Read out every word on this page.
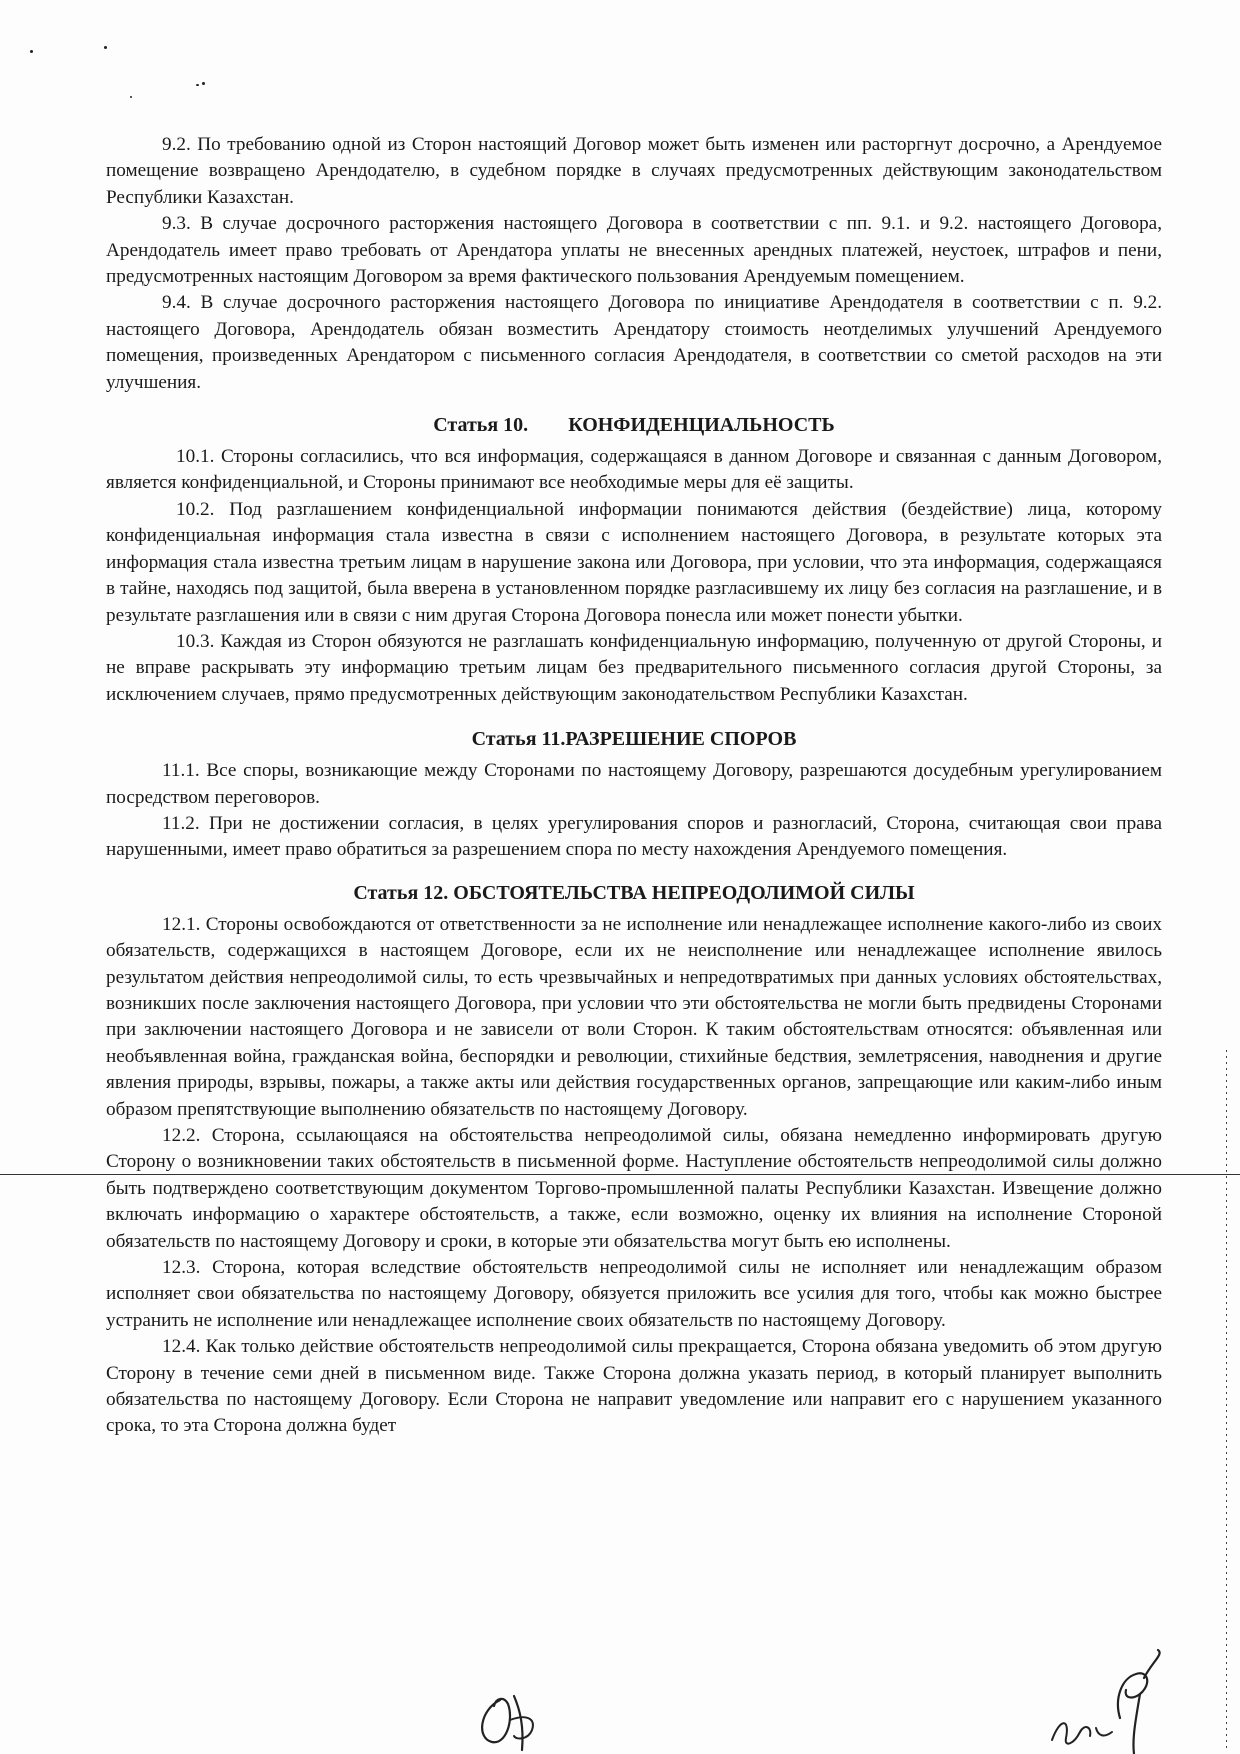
9.2. По требованию одной из Сторон настоящий Договор может быть изменен или расторгнут досрочно, а Арендуемое помещение возвращено Арендодателю, в судебном порядке в случаях предусмотренных действующим законодательством Республики Казахстан.

9.3. В случае досрочного расторжения настоящего Договора в соответствии с пп. 9.1. и 9.2. настоящего Договора, Арендодатель имеет право требовать от Арендатора уплаты не внесенных арендных платежей, неустоек, штрафов и пени, предусмотренных настоящим Договором за время фактического пользования Арендуемым помещением.

9.4. В случае досрочного расторжения настоящего Договора по инициативе Арендодателя в соответствии с п. 9.2. настоящего Договора, Арендодатель обязан возместить Арендатору стоимость неотделимых улучшений Арендуемого помещения, произведенных Арендатором с письменного согласия Арендодателя, в соответствии со сметой расходов на эти улучшения.

Статья 10. КОНФИДЕНЦИАЛЬНОСТЬ

10.1. Стороны согласились, что вся информация, содержащаяся в данном Договоре и связанная с данным Договором, является конфиденциальной, и Стороны принимают все необходимые меры для её защиты.

10.2. Под разглашением конфиденциальной информации понимаются действия (бездействие) лица, которому конфиденциальная информация стала известна в связи с исполнением настоящего Договора, в результате которых эта информация стала известна третьим лицам в нарушение закона или Договора, при условии, что эта информация, содержащаяся в тайне, находясь под защитой, была вверена в установленном порядке разгласившему их лицу без согласия на разглашение, и в результате разглашения или в связи с ним другая Сторона Договора понесла или может понести убытки.

10.3. Каждая из Сторон обязуются не разглашать конфиденциальную информацию, полученную от другой Стороны, и не вправе раскрывать эту информацию третьим лицам без предварительного письменного согласия другой Стороны, за исключением случаев, прямо предусмотренных действующим законодательством Республики Казахстан.

Статья 11.РАЗРЕШЕНИЕ СПОРОВ

11.1. Все споры, возникающие между Сторонами по настоящему Договору, разрешаются досудебным урегулированием посредством переговоров.

11.2. При не достижении согласия, в целях урегулирования споров и разногласий, Сторона, считающая свои права нарушенными, имеет право обратиться за разрешением спора по месту нахождения Арендуемого помещения.

Статья 12. ОБСТОЯТЕЛЬСТВА НЕПРЕОДОЛИМОЙ СИЛЫ

12.1. Стороны освобождаются от ответственности за не исполнение или ненадлежащее исполнение какого-либо из своих обязательств, содержащихся в настоящем Договоре, если их не неисполнение или ненадлежащее исполнение явилось результатом действия непреодолимой силы, то есть чрезвычайных и непредотвратимых при данных условиях обстоятельствах, возникших после заключения настоящего Договора, при условии что эти обстоятельства не могли быть предвидены Сторонами при заключении настоящего Договора и не зависели от воли Сторон. К таким обстоятельствам относятся: объявленная или необъявленная война, гражданская война, беспорядки и революции, стихийные бедствия, землетрясения, наводнения и другие явления природы, взрывы, пожары, а также акты или действия государственных органов, запрещающие или каким-либо иным образом препятствующие выполнению обязательств по настоящему Договору.

12.2. Сторона, ссылающаяся на обстоятельства непреодолимой силы, обязана немедленно информировать другую Сторону о возникновении таких обстоятельств в письменной форме. Наступление обстоятельств непреодолимой силы должно быть подтверждено соответствующим документом Торгово-промышленной палаты Республики Казахстан. Извещение должно включать информацию о характере обстоятельств, а также, если возможно, оценку их влияния на исполнение Стороной обязательств по настоящему Договору и сроки, в которые эти обязательства могут быть ею исполнены.

12.3. Сторона, которая вследствие обстоятельств непреодолимой силы не исполняет или ненадлежащим образом исполняет свои обязательства по настоящему Договору, обязуется приложить все усилия для того, чтобы как можно быстрее устранить не исполнение или ненадлежащее исполнение своих обязательств по настоящему Договору.

12.4. Как только действие обстоятельств непреодолимой силы прекращается, Сторона обязана уведомить об этом другую Сторону в течение семи дней в письменном виде. Также Сторона должна указать период, в который планирует выполнить обязательства по настоящему Договору. Если Сторона не направит уведомление или направит его с нарушением указанного срока, то эта Сторона должна будет
